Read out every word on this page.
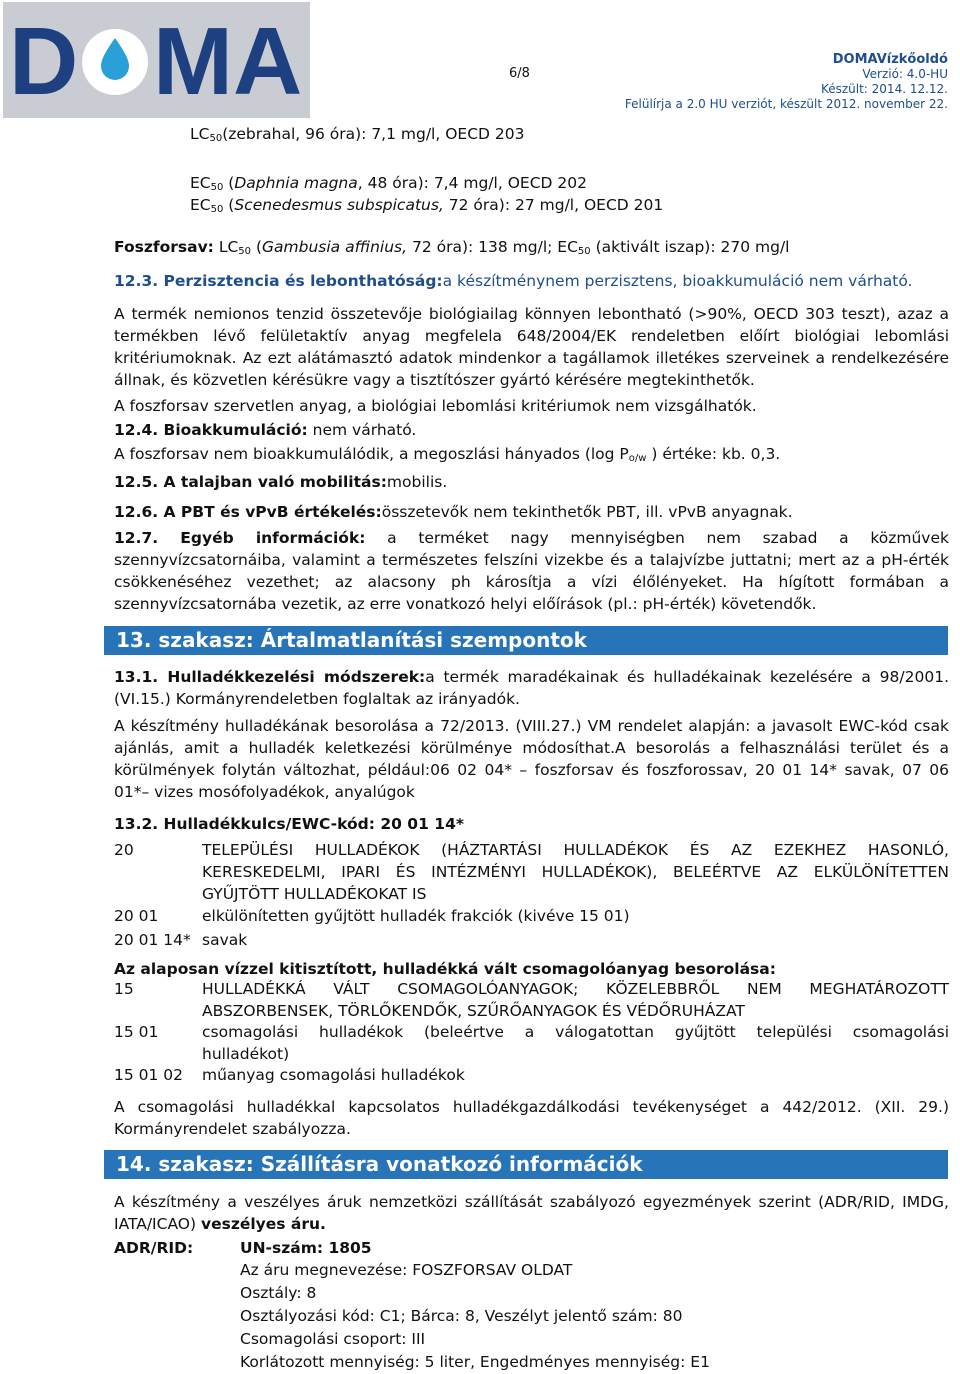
D MA	6/8
DOMAVízkőoldó
Verzió: 4.0-HU
Készült: 2014. 12.12.
Felülírja a 2.0 HU verziót, készült 2012. november 22.
$LC_{50}(zebrahal$, 96 óra): 7,1 mg/l, OECD 203
$EC_{50}$ (Daphnia magna, 48 óra): 7,4 mg/l, OECD 202
$EC_{50}$ (Scenedesmus subspicatus, 72 óra): 27 mg/l, OECD 201
Foszforsav: $LC_{50}$ (Gambusia affinius, 72 óra): 138 mg/l; $EC_{50}$ (aktivált iszap): 270 mg/l
12.3. Perzisztencia és lebonthatóság:a készítménynem perzisztens, bioakkumuláció nem várható.
A termék nemionos tenzid összetevője biológiailag könnyen lebontható (>90%, OECD 303 teszt), azaz a termékben lévő felületaktív anyag megfelela 648/2004/EK rendeletben előírt biológiai lebomlási kritériumoknak. Az ezt alátámasztó adatok mindenkor a tagállamok illetékes szerveinek a rendelkezésére állnak, és közvetlen kérésükre vagy a tisztítószer gyártó kérésére megtekinthetők.
A foszforsav szervetlen anyag, a biológiai lebomlási kritériumok nem vizsgálhatók.
12.4. Bioakkumuláció: nem várható.
A foszforsav nem bioakkumulálódik, a megoszlási hányados (log $P_{o/w}$ ) értéke: kb. 0,3.
12.5. A talajban való mobilitás:mobilis.
12.6. A PBT és vPvB értékelés:összetevők nem tekinthetők PBT, ill. vPvB anyagnak.
12.7. Egyéb információk: a terméket nagy mennyiségben nem szabad a közművek szennyvízcsatornáiba, valamint a természetes felszíni vizekbe és a talajvízbe juttatni; mert az a pH-érték csökkenéséhez vezethet; az alacsony ph károsítja a vízi élőlényeket. Ha hígított formában a szennyvízcsatornába vezetik, az erre vonatkozó helyi előírások (pl.: pH-érték) követendők.
13. szakasz: Ártalmatlanítási szempontok
13.1. Hulladékkezelési módszerek:a termék maradékainak és hulladékainak kezelésére a 98/2001. (VI.15.) Kormányrendeletben foglaltak az irányadók.
A készítmény hulladékának besorolása a 72/2013. (VIII.27.) VM rendelet alapján: a javasolt EWC-kód csak ajánlás, amit a hulladék keletkezési körülménye módosíthat.A besorolás a felhasználási terület és a körülmények folytán változhat, például:06 02 04* – foszforsav és foszforossav, 20 01 14* savak, 07 06 01*– vizes mosófolyadékok, anyalúgok
13.2. Hulladékkulcs/EWC-kód: 20 01 14*
20	TELEPÜLÉSI HULLADÉKOK (HÁZTARTÁSI HULLADÉKOK ÉS AZ EZEKHEZ HASONLÓ,
KERESKEDELMI, IPARI ÉS INTÉZMÉNYI HULLADÉKOK), BELEÉRTVE AZ ELKÜLÖNÍTETTEN
GYŰJTÖTT HULLADÉKOKAT IS
20 01	elkülönítetten gyűjtött hulladék frakciók (kivéve 15 01)
20 01 14* savak
Az alaposan vízzel kitisztított, hulladékká vált csomagolóanyag besorolása:
15	HULLADÉKKÁ VÁLT CSOMAGOLÓANYAGOK; KÖZELEBBRŐL NEM MEGHATÁROZOTT
ABSZORBENSEK, TÖRLŐKENDŐK, SZŰRŐANYAGOK ÉS VÉDŐRUHÁZAT
15 01	csomagolási hulladékok (beleértve a válogatottan gyűjtött települési csomagolási
hulladékot)
15 01 02 műanyag csomagolási hulladékok
A csomagolási hulladékkal kapcsolatos hulladékgazdálkodási tevékenységet a 442/2012. (XII. 29.) Kormányrendelet szabályozza.
14. szakasz: Szállításra vonatkozó információk
A készítmény a veszélyes áruk nemzetközi szállítását szabályozó egyezmények szerint (ADR/RID, IMDG, IATA/ICAO) veszélyes áru.
ADR/RID:	UN-szám: 1805
Az áru megnevezése: FOSZFORSAV OLDAT
Osztály: 8
Osztályozási kód: C1; Bárca: 8, Veszélyt jelentő szám: 80
Csomagolási csoport: III
Korlátozott mennyiség: 5 liter, Engedményes mennyiség: E1
